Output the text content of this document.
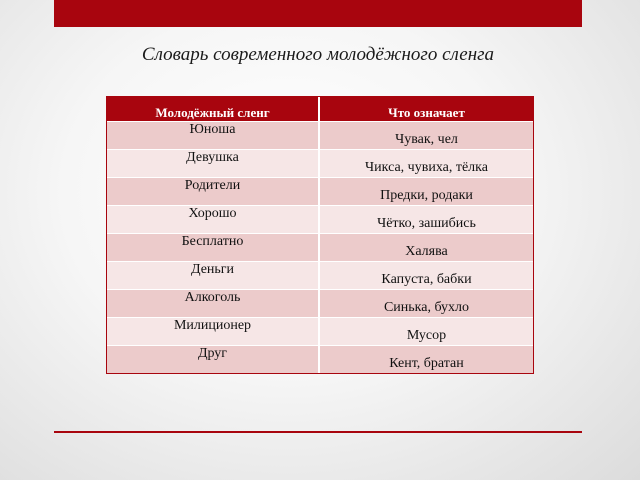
Словарь современного молодёжного сленга
Молодёжный сленг	Что означает
Юноша	Чувак, чел
Девушка	Чикса, чувиха, тёлка
Родители	Предки, родаки
Хорошо	Чётко, зашибись
Бесплатно	Халява
Деньги	Капуста, бабки
Алкоголь	Синька, бухло
Милиционер	Мусор
Друг	Кент, братан
